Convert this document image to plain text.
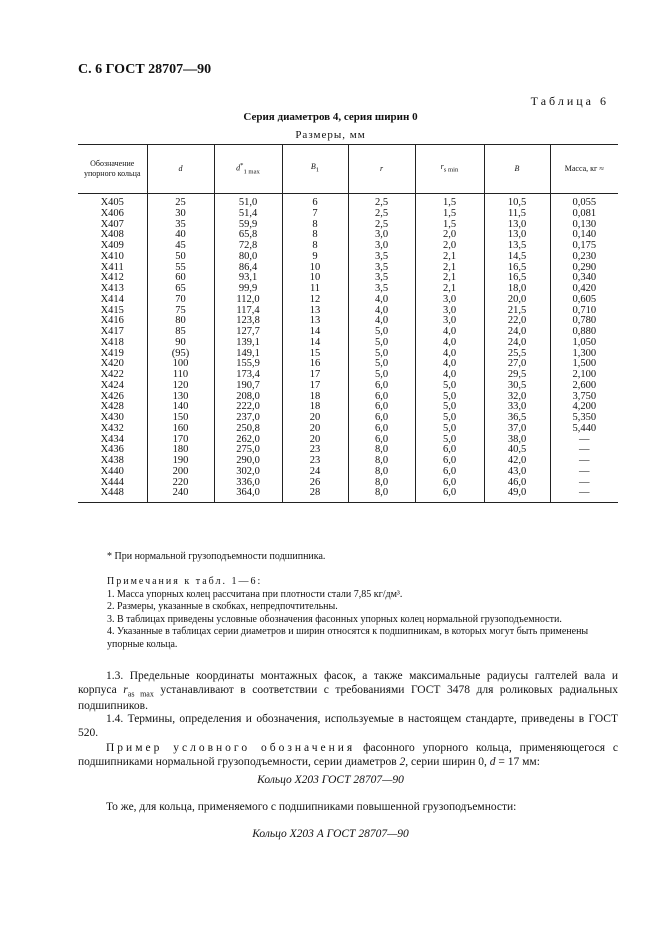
С. 6 ГОСТ 28707—90
Таблица 6
Серия диаметров 4, серия ширин 0
Размеры, мм
Обозначение упорного кольца	d	$d^*_{1 max}$	$B_1$	r	$r_{s min}$	B	Масса, кг ≈
Х405	25	51,0	6	2,5	1,5	10,5	0,055
Х406	30	51,4	7	2,5	1,5	11,5	0,081
Х407	35	59,9	8	2,5	1,5	13,0	0,130
Х408	40	65,8	8	3,0	2,0	13,0	0,140
Х409	45	72,8	8	3,0	2,0	13,5	0,175
Х410	50	80,0	9	3,5	2,1	14,5	0,230
Х411	55	86,4	10	3,5	2,1	16,5	0,290
Х412	60	93,1	10	3,5	2,1	16,5	0,340
Х413	65	99,9	11	3,5	2,1	18,0	0,420
Х414	70	112,0	12	4,0	3,0	20,0	0,605
Х415	75	117,4	13	4,0	3,0	21,5	0,710
Х416	80	123,8	13	4,0	3,0	22,0	0,780
Х417	85	127,7	14	5,0	4,0	24,0	0,880
Х418	90	139,1	14	5,0	4,0	24,0	1,050
Х419	(95)	149,1	15	5,0	4,0	25,5	1,300
Х420	100	155,9	16	5,0	4,0	27,0	1,500
Х422	110	173,4	17	5,0	4,0	29,5	2,100
Х424	120	190,7	17	6,0	5,0	30,5	2,600
Х426	130	208,0	18	6,0	5,0	32,0	3,750
Х428	140	222,0	18	6,0	5,0	33,0	4,200
Х430	150	237,0	20	6,0	5,0	36,5	5,350
Х432	160	250,8	20	6,0	5,0	37,0	5,440
Х434	170	262,0	20	6,0	5,0	38,0	—
Х436	180	275,0	23	8,0	6,0	40,5	—
Х438	190	290,0	23	8,0	6,0	42,0	—
Х440	200	302,0	24	8,0	6,0	43,0	—
Х444	220	336,0	26	8,0	6,0	46,0	—
Х448	240	364,0	28	8,0	6,0	49,0	—
* При нормальной грузоподъемности подшипника.
Примечания к табл. 1—6:
1. Масса упорных колец рассчитана при плотности стали 7,85 кг/дм³.
2. Размеры, указанные в скобках, непредпочтительны.
3. В таблицах приведены условные обозначения фасонных упорных колец нормальной грузоподъемности.
4. Указанные в таблицах серии диаметров и ширин относятся к подшипникам, в которых могут быть применены упорные кольца.
1.3. Предельные координаты монтажных фасок, а также максимальные радиусы галтелей вала и корпуса $r_{as max}$ устанавливают в соответствии с требованиями ГОСТ 3478 для роликовых радиальных подшипников.
1.4. Термины, определения и обозначения, используемые в настоящем стандарте, приведены в ГОСТ 520.
Пример условного обозначения фасонного упорного кольца, применяющегося с подшипниками нормальной грузоподъемности, серии диаметров 2, серии ширин 0, d = 17 мм:
Кольцо Х203 ГОСТ 28707—90
То же, для кольца, применяемого с подшипниками повышенной грузоподъемности:
Кольцо Х203 А ГОСТ 28707—90
